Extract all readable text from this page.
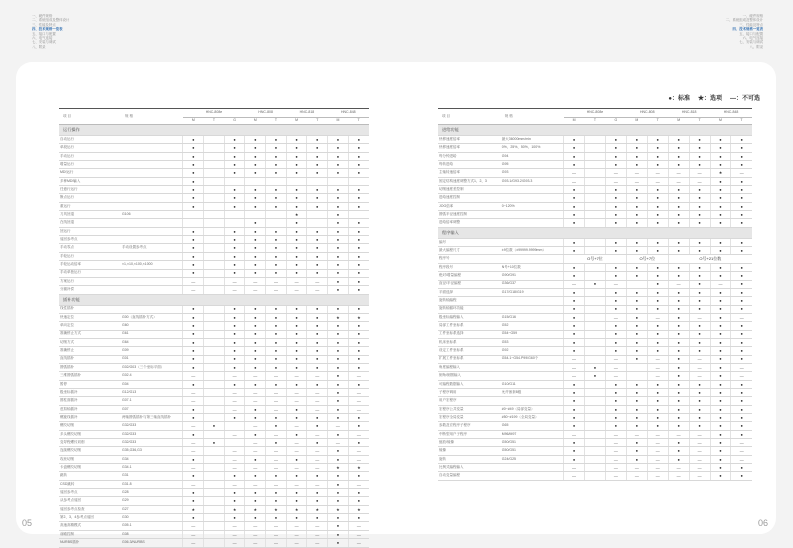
一、硬件规格
二、系统组成及整体设计
三、性能及特点
四、技术规格一览表
五、接口与配置
六、电气连接
七、安装与调试
八、附录
一、硬件规格
二、系统组成及整体设计
三、性能及特点
四、技术规格一览表
五、接口与配置
六、电气连接
七、安装与调试
八、附录
项 目	规 格	HNC-808e			HNC-808		HNC-818		HNC-848	
		M	T	G	M	T	M	T	M	T
运行操作										
自动运行		●		●	●	●	●	●	●	●
单段运行		●		●	●	●	●	●	●	●
手动运行		●		●	●	●	●	●	●	●
增量运行		●		●	●	●	●	●	●	●
MDI运行		●		●	●	●	●	●	●	●
多种MDI输入		●								
任意行运行		●		●	●	●	●	●	●	●
断点运行		●		●	●	●	●	●	●	●
重运行		●		●	●	●	●	●	●	●
刀具回退	G106						★		●	
在线回退					●		●		●	●
回运行		●		●	●	●	●	●	●	●
返回参考点		●		●	●	●	●	●	●	●
手动零点	手动设置参考点	●		●	●	●	●	●	●	●
手轮运行		●		●	●	●	●	●	●	●
手轮运动倍率	×1,×10,×100,×1000	●		●	●	●	●	●	●	●
手动单独运行		●		●	●	●	●	●	●	●
方案运行		—		—	—	—	—	—	●	●
分割补偿		—		—	—	—	—	—	●	●
插补功能										
线性插补		●		●	●	●	●	●	●	●
快速定位	G00（直线插补方式）	●		●	●	●	●	●	★	★
单向定位	G60	●		●	●	●	●	●	●	●
准确停止方式	G61	●		●	●	●	●	●	●	●
切削方式	G64	●		●	●	●	●	●	●	●
准确停止	G09	●		●	●	●	●	●	●	●
直线插补	G01	●		●	●	●	●	●	●	●
圆弧插补	G02/G03（三个坐标平面）	●		●	●	●	●	●	●	●
三维圆弧插补	G02.4	—		—	—	—	—	—	●	—
暂停	G04	●		●	●	●	●	●	●	●
极坐标插补	G12/G13	—		—	—	—	—	—	●	—
圆柱面插补	G07.1	—		—	—	—	—	—	●	—
虚拟轴插补	G07	●		—	●	—	●	—	●	—
螺旋线插补	两轴圆弧插补与第三轴直线插补	●		●	●	●	●	●	●	●
螺纹切削	G32/G33	—	●		—	●	—	●	—	●
多头螺纹切削	G32/G33	●		—	●	—	●	—	●	—
变导程螺纹切削	G32/G33	—	●		—	●	—	●	—	●
连续螺纹切削	G35,G36,G3	—		—	—	—	—	—	●	—
攻丝切削	G34	●		—	●	—	●	—	●	—
卡盘螺纹切削	G34.1	—		—	—	—	—	—	★	★
跳转	G31	●		●	●	●	●	●	●	●
CSD跳转	G31.8	—		—	—	—	—	—	●	—
返回参考点	G28	●		●	●	●	●	●	●	●
从参考点返回	G29	●		●	●	●	●	●	●	●
返回参考点检查	G27	★		★	★	★	★	★	★	★
第2、3、4参考点返回	G30	●		●	●	●	●	●	●	●
高速高精模式	G05.1	—		—	—	—	—	—	●	—
前瞻控制	G08	—		—	—	—	—	—	●	—
NURBS插补	G06.3/NURBS	—		—	—	—	—	—	●	—
05
●：标准 ★：选项 —：不可选
项 目	规 格	HNC-808e			HNC-808		HNC-818		HNC-848	
		M	T	G	M	T	M	T	M	T
进给功能										
快移速度倍率	最大36000mm/min	●		●	●	●	●	●	●	●
快移速度倍率	0%、25%、50%、100%	●		●	●	●	●	●	●	●
每分钟进给	G94	●		●	●	●	●	●	●	●
每转进给	G95	●		●	●	●	●	●	●	●
主轴转速倍率	G93	—		—	—	—	—	—	★	—
固定结构速度调整方式1、2、3	G93.1/G93.2/G93.3	—		—	—	—	—	—	●	●
切削速度差控制		●		●	●	●	●	●	●	●
进给速度控制		●		●	●	●	●	●	●	●
JOG倍率	0~120%	●		●	●	●	●	●	●	●
圆弧半径速度控制		●		●	●	●	●	●	●	●
进给倍率调整		●		●	●	●	●	●	●	●
程序输入										
编号		●		●	●	●	●	●	●	●
最大编程尺寸	±9位数（±99999.9999mm）	●		●	●	●	●	●	●	●
程序号		O号+7位			O号+7位		O号+21位数			
程序段号	N号+10位数	●		●	●	●	●	●	●	●
绝对/增量编程	G90/G91	●		●	●	●	●	●	●	●
直径/半径编程	G36/G37	—	●	—		●	—	●	—	●
平面选择	G17/G18/G19	●		●	●	●	●	●	●	●
旋转轴编程		●		●	●	●	●	●	●	●
旋转轴循环功能		●		●	●	●	●	●	●	●
极坐标编程输入	G15/G16	●		—	●	—	●	—	●	—
局部工件坐标系	G52	●		●	●	●	●	●	●	●
工件坐标系选择	G54~G59	●		●	●	●	●	●	●	●
机床坐标系	G53	●		●	●	●	●	●	●	●
设定工件坐标系	G92	●		●	●	●	●	●	●	●
扩展工件坐标系	G54.1~G54.P99/G60个	—		—	●	—	●	—	●	●
角度编程输入		—	●	—		—	●	—	●	—
倒角/倒圆输入		—	●	—		—	●	—	●	—
可编程数据输入	G10/G11	●		●	●	●	●	●	●	●
子程序调用	允许嵌套8级	●		●	●	●	●	●	●	●
用户宏程序		●		●	●	●	●	●	●	●
宏程序公共变量	#0~#49（局部变量）	●		●	●	●	●	●	●	●
宏程序全局变量	#50~#199（全局变量）	●		●	●	●	●	●	●	●
参数及宏程序子程序	G65	●		●	●	●	●	●	●	●
中断型用户子程序	M96/M97	—		—	—	—	—	—	●	●
缩放/镜像	G50/G51	●		—	●	—	●	—	●	—
镜像	G50/G51	●		—	●	—	●	—	●	—
旋转	G24/G25	●		—	●	—	●	—	●	—
比例式编程输入		—		—	—	—	—	—	●	●
自动变量编程		—		—	—	—	—	—	●	●
06
